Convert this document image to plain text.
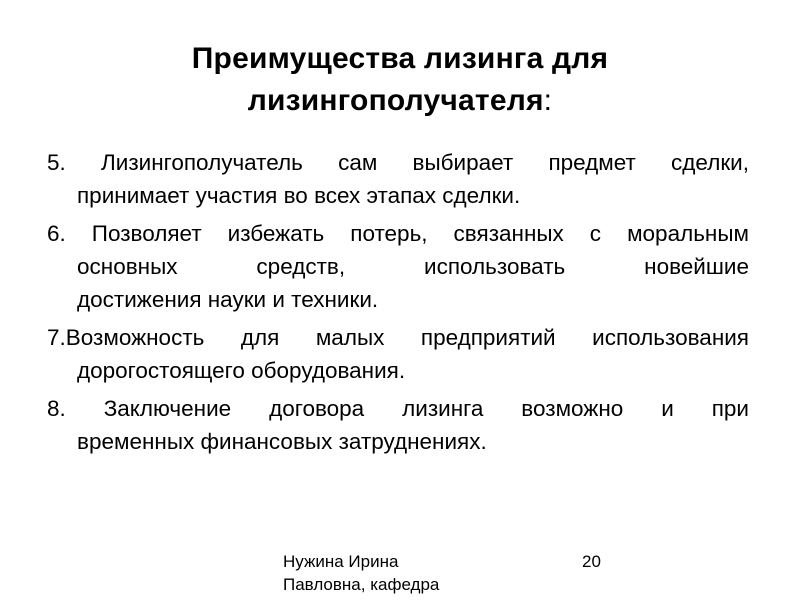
Преимущества лизинга для
лизингополучателя:
5. Лизингополучатель сам выбирает предмет сделки,
принимает участия во всех этапах сделки.
6. Позволяет избежать потерь, связанных с моральным
основных средств, использовать новейшие
достижения науки и техники.
7.Возможность для малых предприятий использования
дорогостоящего оборудования.
8. Заключение договора лизинга возможно и при
временных финансовых затруднениях.
Нужина Ирина
Павловна, кафедра
20
